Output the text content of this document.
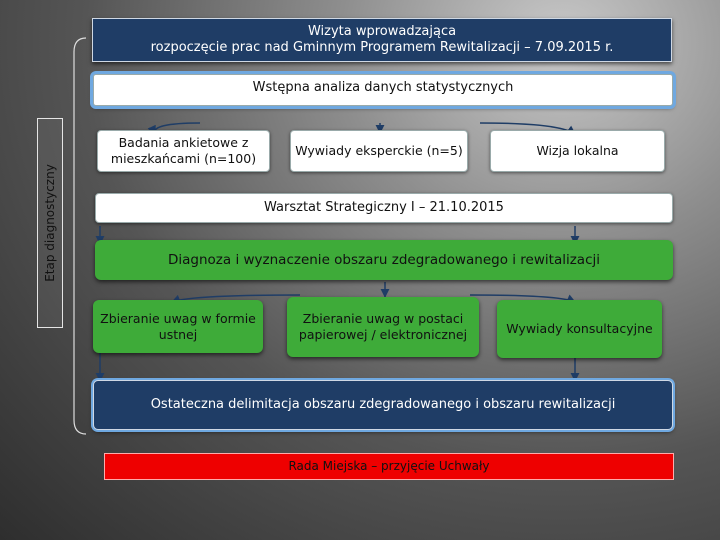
Etap diagnostyczny
Wizyta wprowadzająca
rozpoczęcie prac nad Gminnym Programem Rewitalizacji – 7.09.2015 r.
Wstępna analiza danych statystycznych
Badania ankietowe z mieszkańcami (n=100)
Wywiady eksperckie (n=5)	Wizja lokalna
Warsztat Strategiczny I – 21.10.2015
Diagnoza i wyznaczenie obszaru zdegradowanego i rewitalizacji
Zbieranie uwag w formie ustnej
Zbieranie uwag w postaci papierowej / elektronicznej	Wywiady konsultacyjne
Ostateczna delimitacja obszaru zdegradowanego i obszaru rewitalizacji
Rada Miejska – przyjęcie Uchwały
